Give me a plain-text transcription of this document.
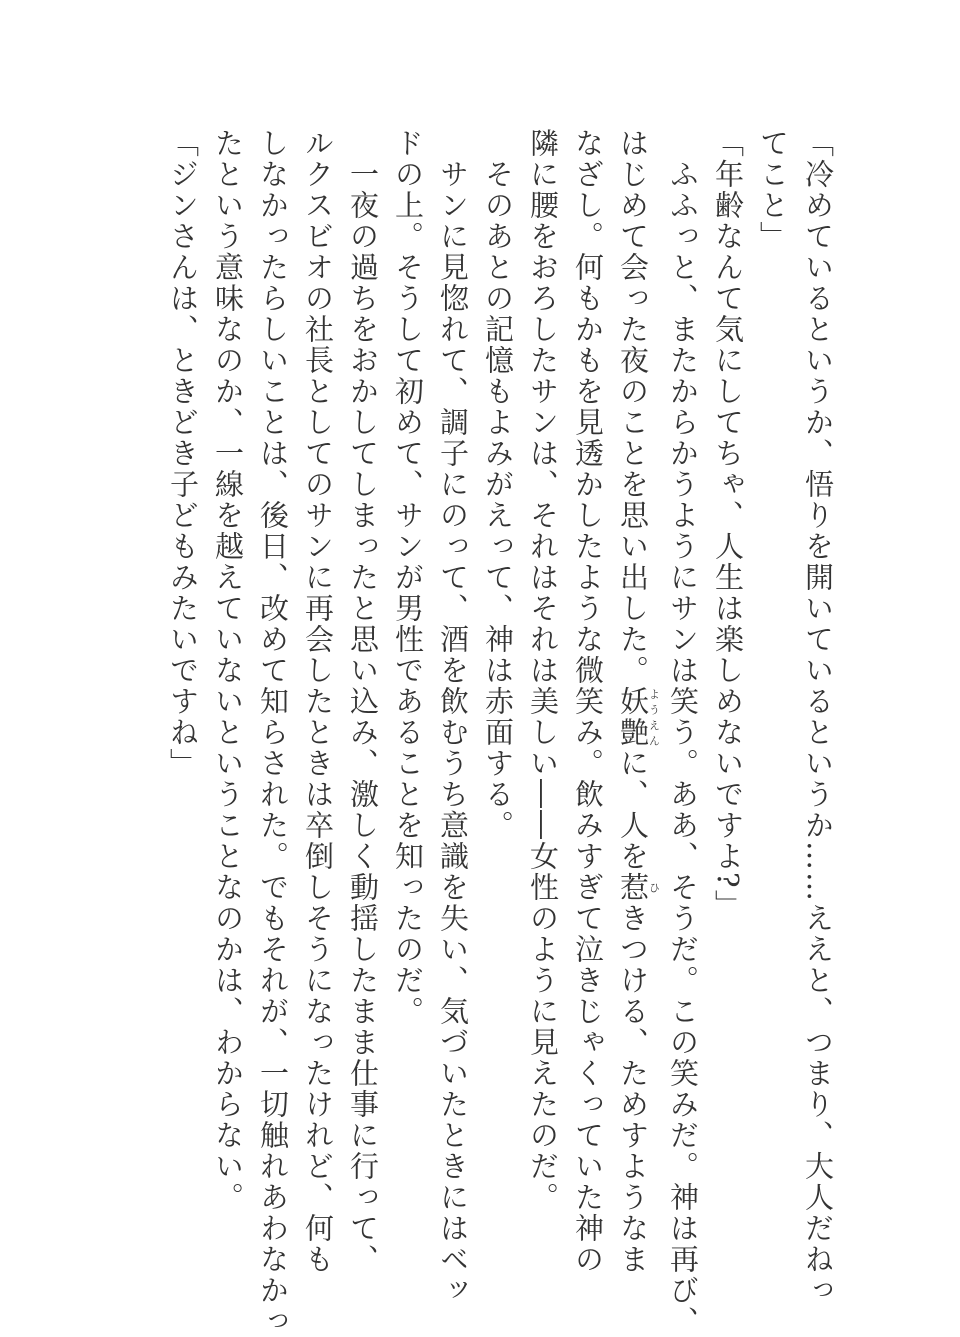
「冷めているというか、悟りを開いているというか……ええと、つまり、大人だねっ
てこと」
「年齢なんて気にしてちゃ、人生は楽しめないですよ?」
　ふふっと、またからかうようにサンは笑う。ああ、そうだ。この笑みだ。神は再び、
はじめて会った夜のことを思い出した。妖艶ようえんに、人を惹ひきつける、ためすようなま
なざし。何もかもを見透かしたような微笑み。飲みすぎて泣きじゃくっていた神の
隣に腰をおろしたサンは、それはそれは美しい――女性のように見えたのだ。
　そのあとの記憶もよみがえって、神は赤面する。
　サンに見惚れて、調子にのって、酒を飲むうち意識を失い、気づいたときにはベッ
ドの上。そうして初めて、サンが男性であることを知ったのだ。
　一夜の過ちをおかしてしまったと思い込み、激しく動揺したまま仕事に行って、
ルクスビオの社長としてのサンに再会したときは卒倒しそうになったけれど、何も
しなかったらしいことは、後日、改めて知らされた。でもそれが、一切触れあわなかっ
たという意味なのか、一線を越えていないということなのかは、わからない。
「ジンさんは、ときどき子どもみたいですね」
